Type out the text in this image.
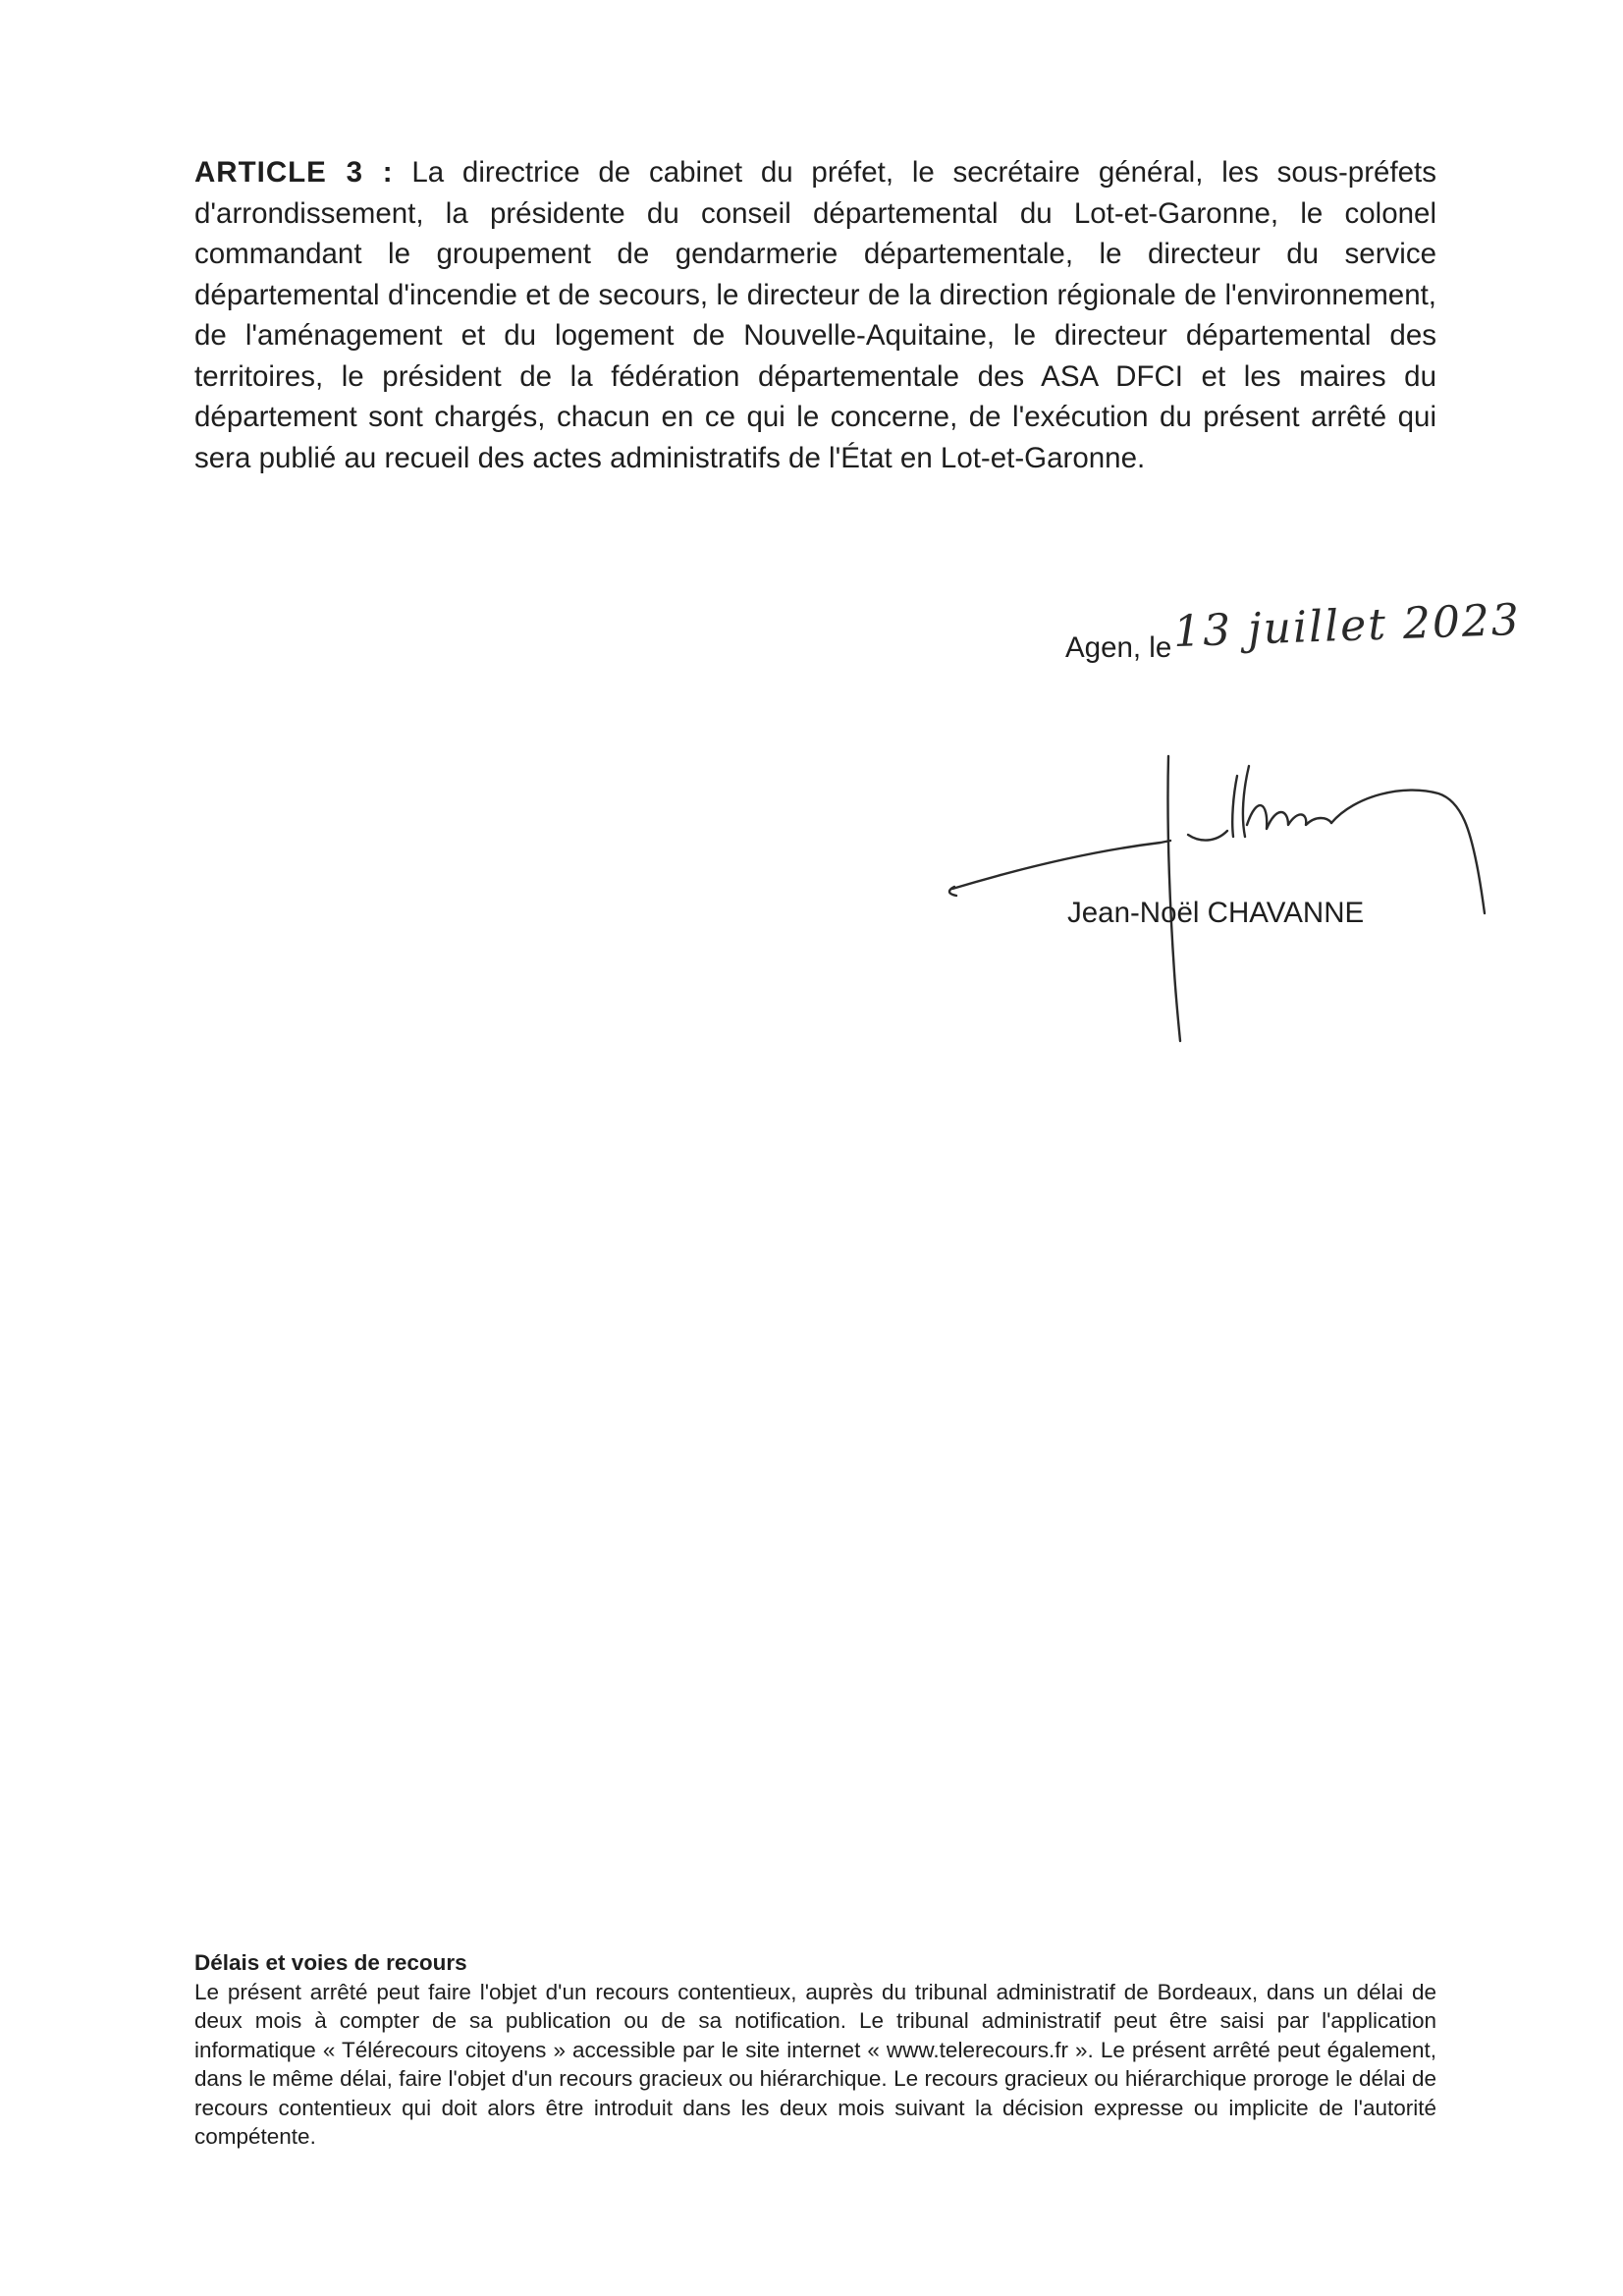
ARTICLE 3 : La directrice de cabinet du préfet, le secrétaire général, les sous-préfets d'arrondissement, la présidente du conseil départemental du Lot-et-Garonne, le colonel commandant le groupement de gendarmerie départementale, le directeur du service départemental d'incendie et de secours, le directeur de la direction régionale de l'environnement, de l'aménagement et du logement de Nouvelle-Aquitaine, le directeur départemental des territoires, le président de la fédération départementale des ASA DFCI et les maires du département sont chargés, chacun en ce qui le concerne, de l'exécution du présent arrêté qui sera publié au recueil des actes administratifs de l'État en Lot-et-Garonne.
Agen, le 13 juillet 2023
Jean-Noël CHAVANNE
Délais et voies de recours
Le présent arrêté peut faire l'objet d'un recours contentieux, auprès du tribunal administratif de Bordeaux, dans un délai de deux mois à compter de sa publication ou de sa notification. Le tribunal administratif peut être saisi par l'application informatique « Télérecours citoyens » accessible par le site internet « www.telerecours.fr ». Le présent arrêté peut également, dans le même délai, faire l'objet d'un recours gracieux ou hiérarchique. Le recours gracieux ou hiérarchique proroge le délai de recours contentieux qui doit alors être introduit dans les deux mois suivant la décision expresse ou implicite de l'autorité compétente.
